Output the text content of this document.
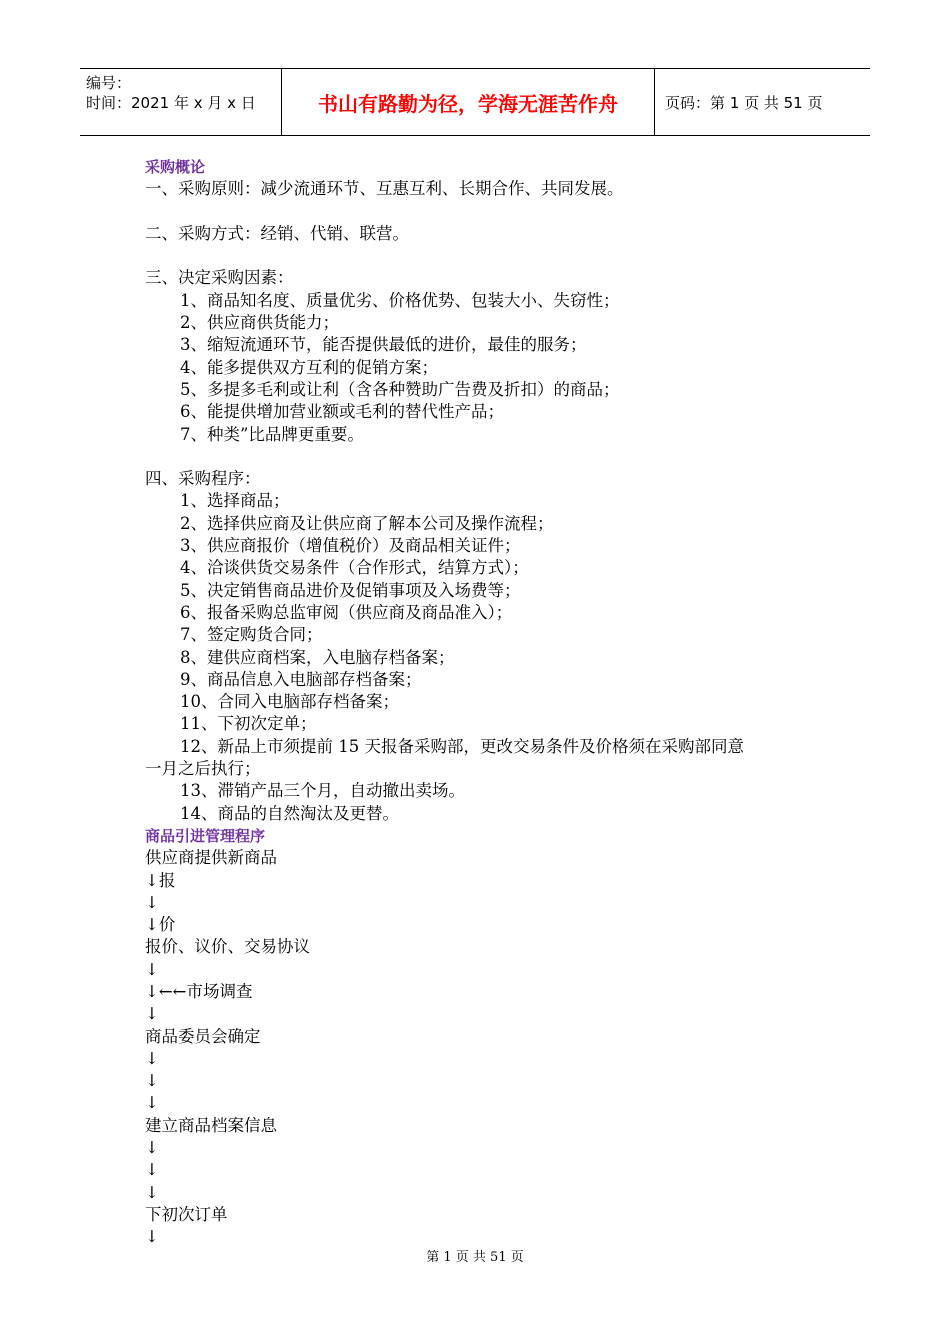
编号：
时间：2021 年 x 月 x 日	书山有路勤为径，学海无涯苦作舟	页码：第 1 页 共 51 页
采购概论
一、采购原则：减少流通环节、互惠互利、长期合作、共同发展。
二、采购方式：经销、代销、联营。
三、决定采购因素：
1、商品知名度、质量优劣、价格优势、包装大小、失窃性；
2、供应商供货能力；
3、缩短流通环节，能否提供最低的进价，最佳的服务；
4、能多提供双方互利的促销方案；
5、多提多毛利或让利（含各种赞助广告费及折扣）的商品；
6、能提供增加营业额或毛利的替代性产品；
7、种类”比品牌更重要。
四、采购程序：
1、选择商品；
2、选择供应商及让供应商了解本公司及操作流程；
3、供应商报价（增值税价）及商品相关证件；
4、洽谈供货交易条件（合作形式，结算方式）；
5、决定销售商品进价及促销事项及入场费等；
6、报备采购总监审阅（供应商及商品准入）；
7、签定购货合同；
8、建供应商档案，入电脑存档备案；
9、商品信息入电脑部存档备案；
10、合同入电脑部存档备案；
11、下初次定单；
12、新品上市须提前 15 天报备采购部，更改交易条件及价格须在采购部同意
一月之后执行；
13、滞销产品三个月，自动撤出卖场。
14、商品的自然淘汰及更替。
商品引进管理程序
供应商提供新商品
↓报
↓
↓价
报价、议价、交易协议
↓
↓←←市场调查
↓
商品委员会确定
↓
↓
↓
建立商品档案信息
↓
↓
↓
下初次订单
↓
第 1 页 共 51 页
